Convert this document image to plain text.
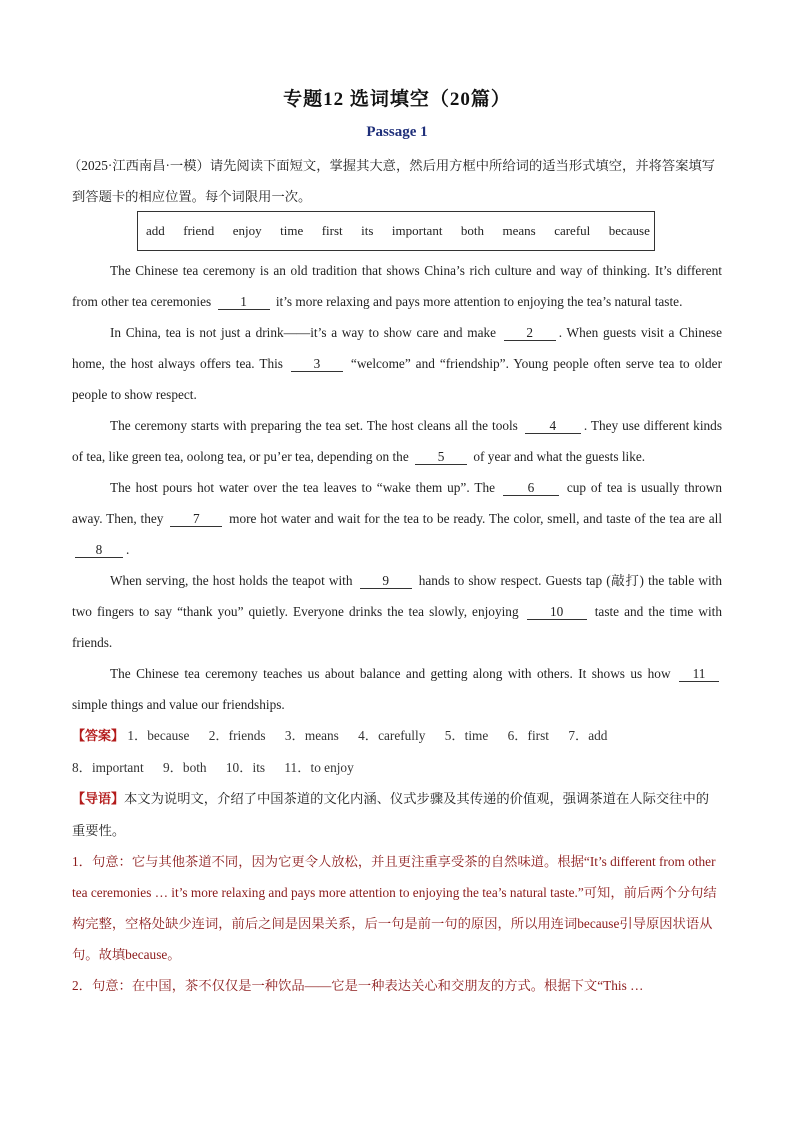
专题12 选词填空（20篇）
Passage 1
（2025·江西南昌·一模）请先阅读下面短文，掌握其大意，然后用方框中所给词的适当形式填空，并将答案填写到答题卡的相应位置。每个词限用一次。
add friend enjoy time first its important both means careful because

The Chinese tea ceremony is an old tradition that shows China’s rich culture and way of thinking. It’s different from other tea ceremonies 1 it’s more relaxing and pays more attention to enjoying the tea’s natural taste.

In China, tea is not just a drink——it’s a way to show care and make 2 . When guests visit a Chinese home, the host always offers tea. This 3 “welcome” and “friendship”. Young people often serve tea to older people to show respect.

The ceremony starts with preparing the tea set. The host cleans all the tools 4 . They use different kinds of tea, like green tea, oolong tea, or pu’er tea, depending on the 5 of year and what the guests like.

The host pours hot water over the tea leaves to “wake them up”. The 6 cup of tea is usually thrown away. Then, they 7 more hot water and wait for the tea to be ready. The color, smell, and taste of the tea are all 8 .

When serving, the host holds the teapot with 9 hands to show respect. Guests tap (敲打) the table with two fingers to say “thank you” quietly. Everyone drinks the tea slowly, enjoying 10 taste and the time with friends.

The Chinese tea ceremony teaches us about balance and getting along with others. It shows us how 11 simple things and value our friendships.

【答案】 1．because 2．friends 3．means 4．carefully 5．time 6．first 7．add
8．important 9．both 10．its 11．to enjoy

【导语】本文为说明文，介绍了中国茶道的文化内涵、仪式步骤及其传递的价值观，强调茶道在人际交往中的重要性。

1．句意：它与其他茶道不同，因为它更令人放松，并且更注重享受茶的自然味道。根据“It’s different from other tea ceremonies … it’s more relaxing and pays more attention to enjoying the tea’s natural taste.”可知，前后两个分句结构完整，空格处缺少连词，前后之间是因果关系，后一句是前一句的原因，所以用连词because引导原因状语从句。故填because。

2．句意：在中国，茶不仅仅是一种饮品——它是一种表达关心和交朋友的方式。根据下文“This …
